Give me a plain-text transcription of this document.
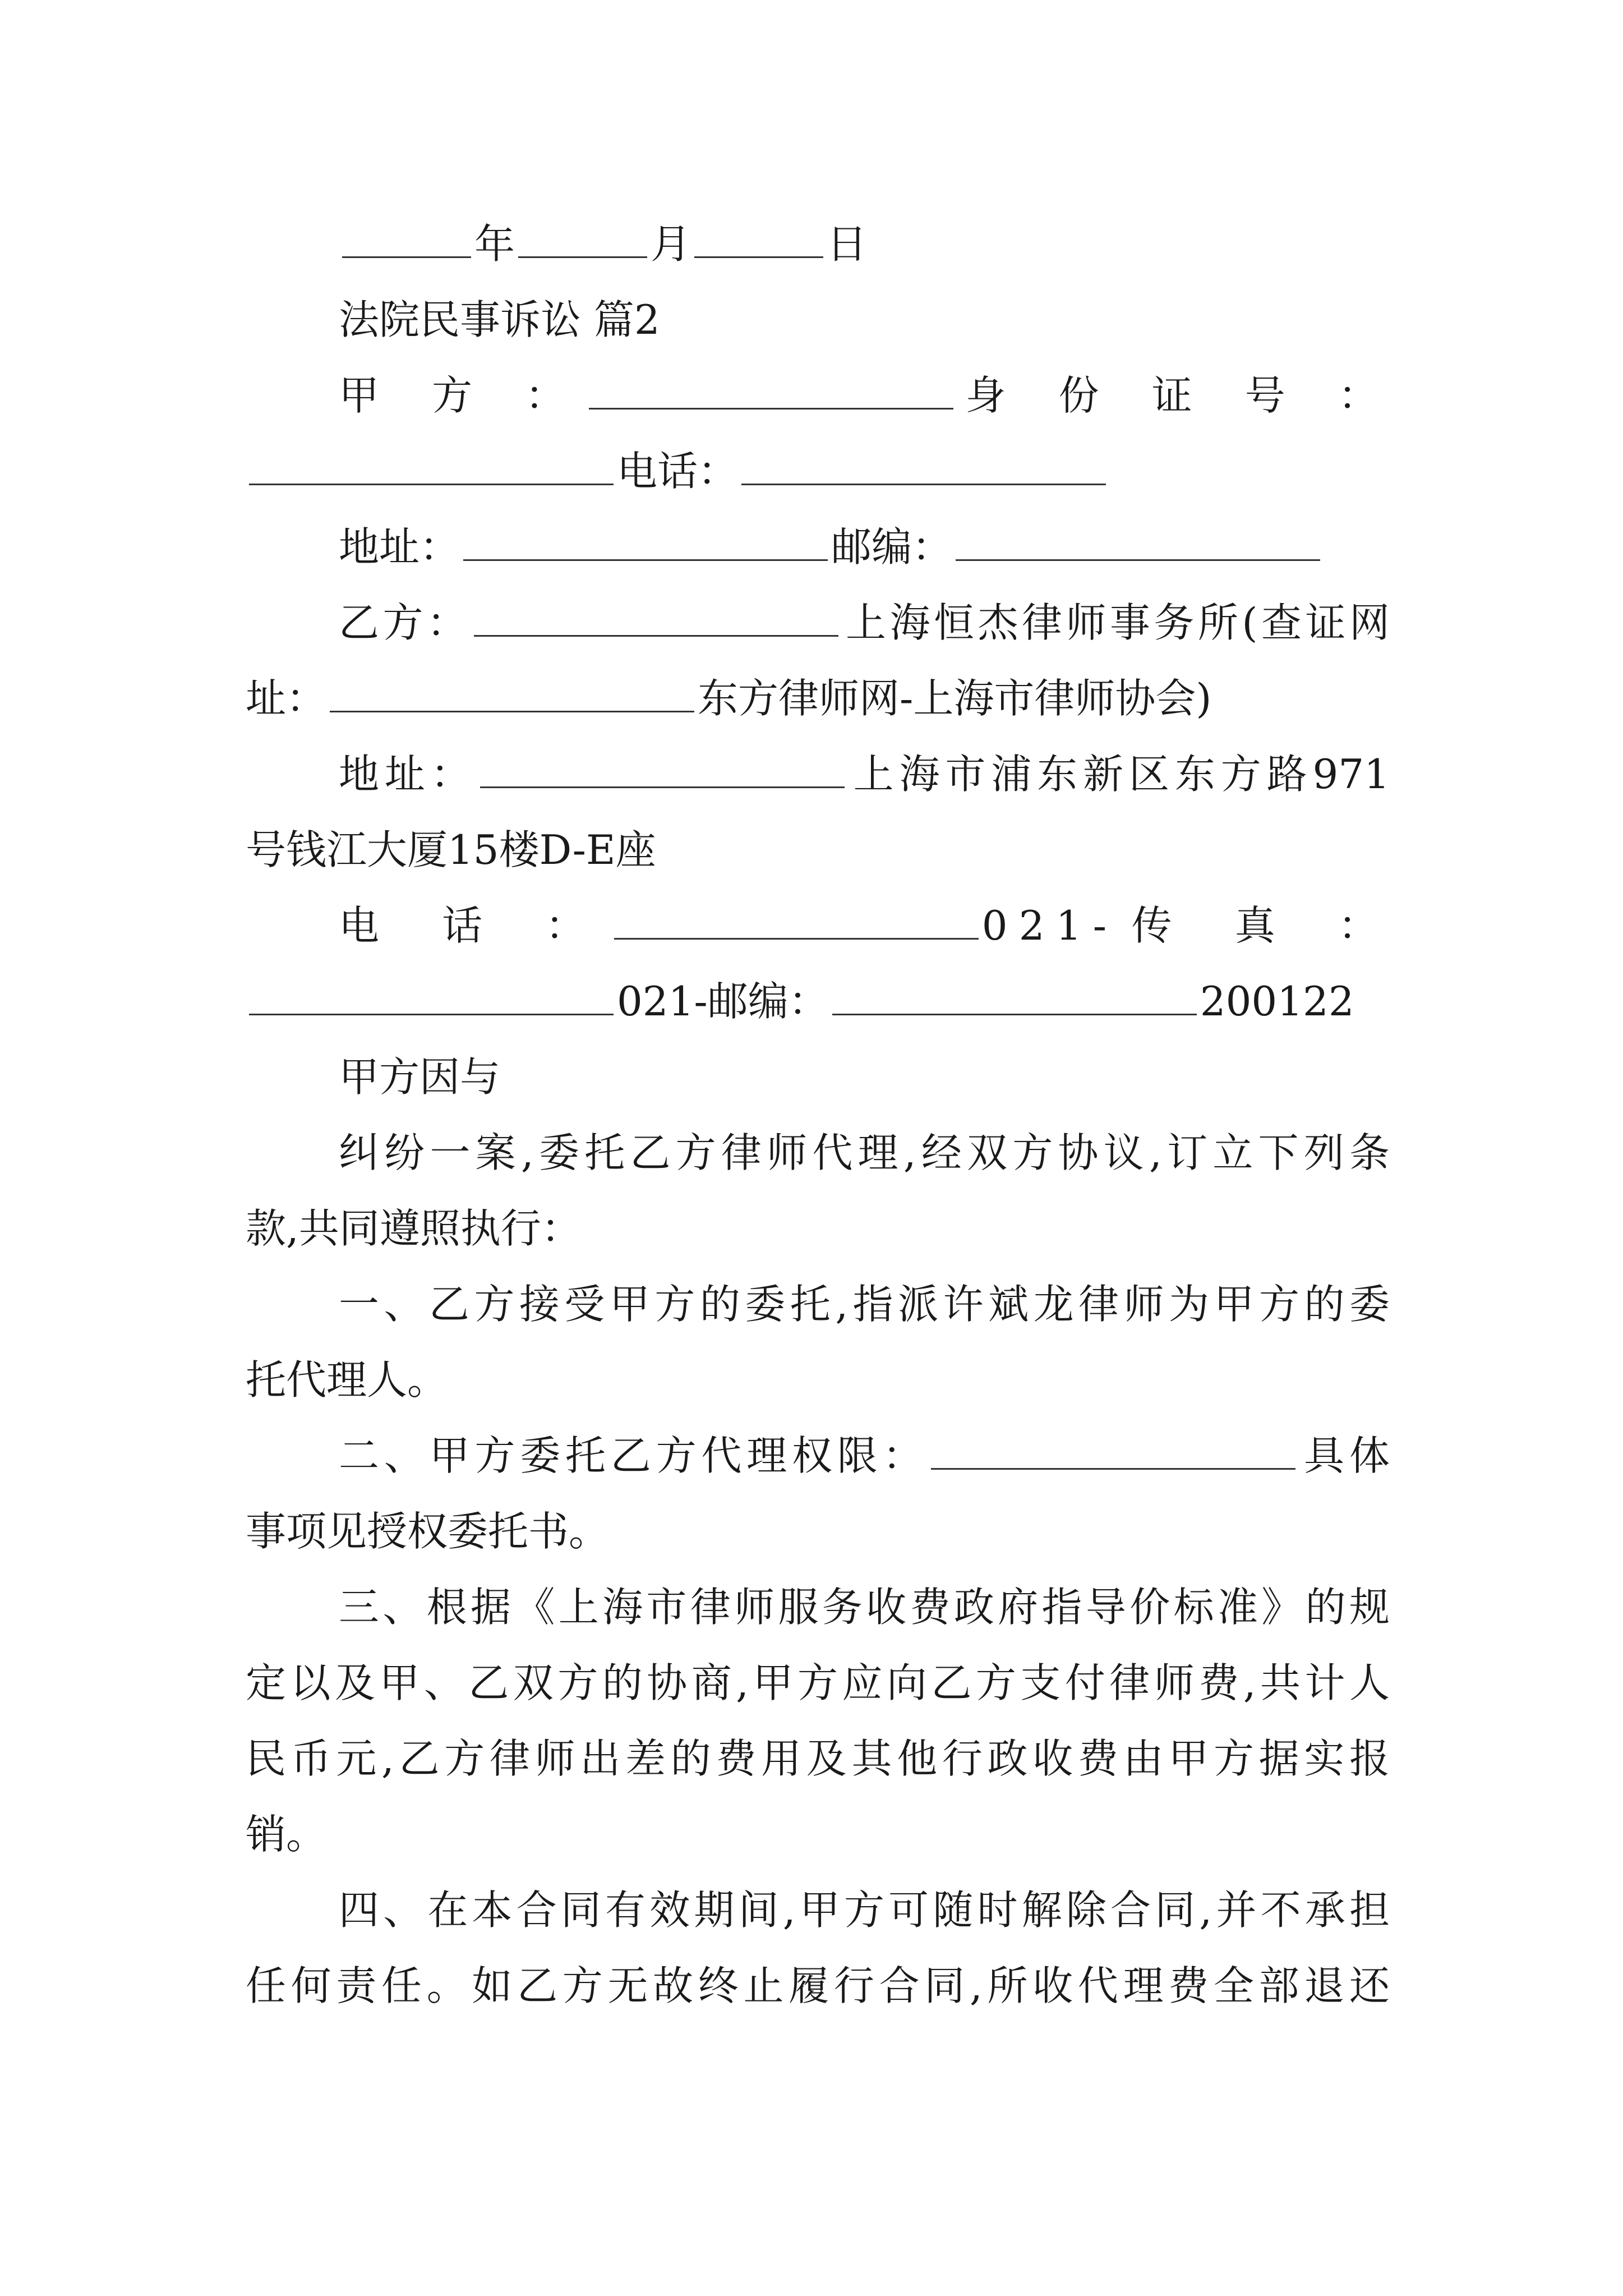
年	月	日
法院民事诉讼 篇2
甲 方 ：	身 份 证 号 ：
电话：
地址：	邮编：
乙方：	上海恒杰律师事务所(查证网
址：	东方律师网-上海市律师协会)
地址：	上海市浦东新区东方路971
号钱江大厦15楼D-E座
电 话 ：	021-传 真 ：
021-邮编：	200122
甲方因与
纠纷一案,委托乙方律师代理,经双方协议,订立下列条
款,共同遵照执行：
一、乙方接受甲方的委托,指派许斌龙律师为甲方的委
托代理人。
二、甲方委托乙方代理权限：	具体
事项见授权委托书。
三、根据《上海市律师服务收费政府指导价标准》的规
定以及甲、乙双方的协商,甲方应向乙方支付律师费,共计人
民币元,乙方律师出差的费用及其他行政收费由甲方据实报
销。
四、在本合同有效期间,甲方可随时解除合同,并不承担
任何责任。如乙方无故终止履行合同,所收代理费全部退还
